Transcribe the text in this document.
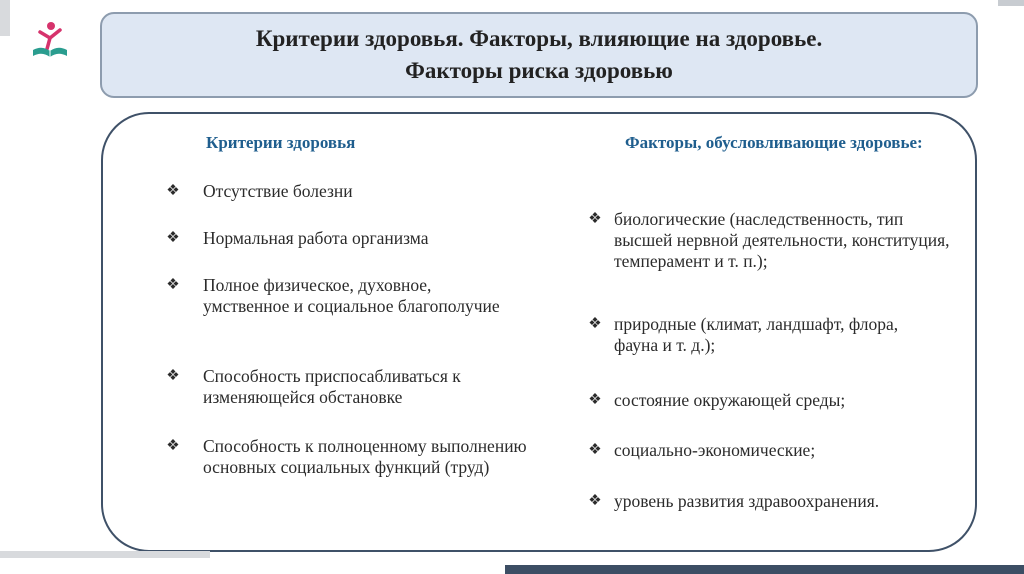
Критерии здоровья. Факторы, влияющие на здоровье.
Факторы риска здоровью
Критерии здоровья
❖ Отсутствие болезни
❖ Нормальная работа организма
❖ Полное физическое, духовное, умственное и социальное благополучие
❖ Способность приспосабливаться к изменяющейся обстановке
❖ Способность к полноценному выполнению основных социальных функций (труд)
Факторы, обусловливающие здоровье:
❖ биологические (наследственность, тип высшей нервной деятельности, конституция, темперамент и т. п.);
❖ природные (климат, ландшафт, флора, фауна и т. д.);
❖ состояние окружающей среды;
❖ социально-экономические;
❖ уровень развития здравоохранения.
